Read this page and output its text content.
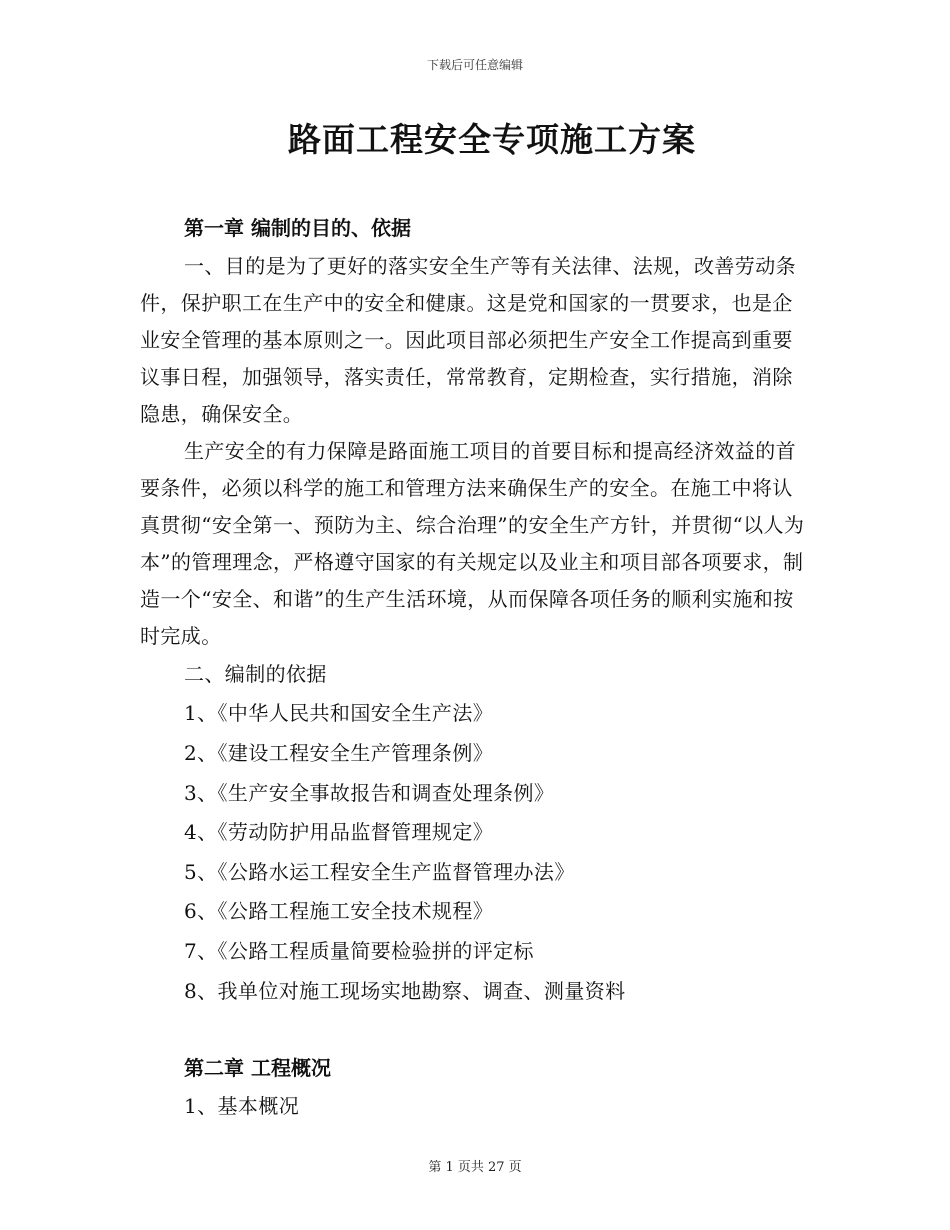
下载后可任意编辑
路面工程安全专项施工方案
第一章 编制的目的、依据
一、目的是为了更好的落实安全生产等有关法律、法规，改善劳动条件，保护职工在生产中的安全和健康。这是党和国家的一贯要求，也是企业安全管理的基本原则之一。因此项目部必须把生产安全工作提高到重要议事日程，加强领导，落实责任，常常教育，定期检查，实行措施，消除隐患，确保安全。
生产安全的有力保障是路面施工项目的首要目标和提高经济效益的首要条件，必须以科学的施工和管理方法来确保生产的安全。在施工中将认真贯彻“安全第一、预防为主、综合治理”的安全生产方针，并贯彻“以人为本”的管理理念，严格遵守国家的有关规定以及业主和项目部各项要求，制造一个“安全、和谐”的生产生活环境，从而保障各项任务的顺利实施和按时完成。
二、编制的依据
1、《中华人民共和国安全生产法》
2、《建设工程安全生产管理条例》
3、《生产安全事故报告和调查处理条例》
4、《劳动防护用品监督管理规定》
5、《公路水运工程安全生产监督管理办法》
6、《公路工程施工安全技术规程》
7、《公路工程质量简要检验拼的评定标
8、我单位对施工现场实地勘察、调查、测量资料
第二章 工程概况
1、基本概况
第 1 页共 27 页
